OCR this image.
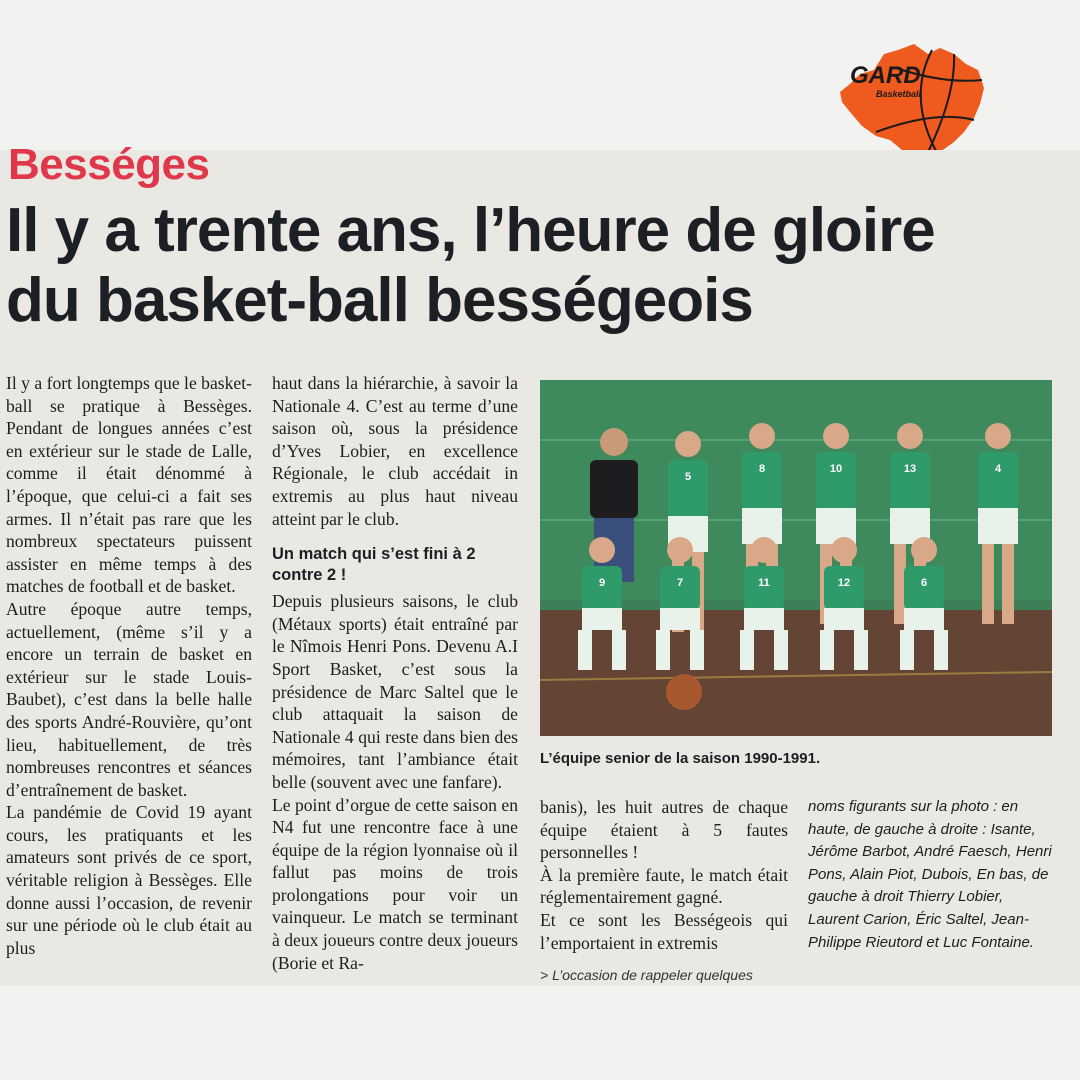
GARD
Basketball
Bességes
Il y a trente ans, l’heure de gloire
du basket-ball bességeois

Il y a fort longtemps que le basket-ball se pratique à Bessèges. Pendant de longues années c’est en extérieur sur le stade de Lalle, comme il était dénommé à l’époque, que celui-ci a fait ses armes. Il n’était pas rare que les nombreux spectateurs puissent assister en même temps à des matches de football et de basket.

Autre époque autre temps, actuellement, (même s’il y a encore un terrain de basket en extérieur sur le stade Louis-Baubet), c’est dans la belle halle des sports André-Rouvière, qu’ont lieu, habituellement, de très nombreuses rencontres et séances d’entraînement de basket.

La pandémie de Covid 19 ayant cours, les pratiquants et les amateurs sont privés de ce sport, véritable religion à Bessèges. Elle donne aussi l’occasion, de revenir sur une période où le club était au plus

haut dans la hiérarchie, à savoir la Nationale 4. C’est au terme d’une saison où, sous la présidence d’Yves Lobier, en excellence Régionale, le club accédait in extremis au plus haut niveau atteint par le club.

Un match qui s’est fini à 2 contre 2 !

Depuis plusieurs saisons, le club (Métaux sports) était entraîné par le Nîmois Henri Pons. Devenu A.I Sport Basket, c’est sous la présidence de Marc Saltel que le club attaquait la saison de Nationale 4 qui reste dans bien des mémoires, tant l’ambiance était belle (souvent avec une fanfare).

Le point d’orgue de cette saison en N4 fut une rencontre face à une équipe de la région lyonnaise où il fallut pas moins de trois prolongations pour voir un vainqueur. Le match se terminant à deux joueurs contre deux joueurs (Borie et Ra-

5
8	10	13	4
9	7	11	12	6
L’équipe senior de la saison 1990-1991.

banis), les huit autres de chaque équipe étaient à 5 fautes personnelles !

À la première faute, le match était réglementairement gagné.

Et ce sont les Bességeois qui l’emportaient in extremis

> L’occasion de rappeler quelques

noms figurants sur la photo : en haute, de gauche à droite : Isante, Jérôme Barbot, André Faesch, Henri Pons, Alain Piot, Dubois, En bas, de gauche à droit Thierry Lobier, Laurent Carion, Éric Saltel, Jean-Philippe Rieutord et Luc Fontaine.
